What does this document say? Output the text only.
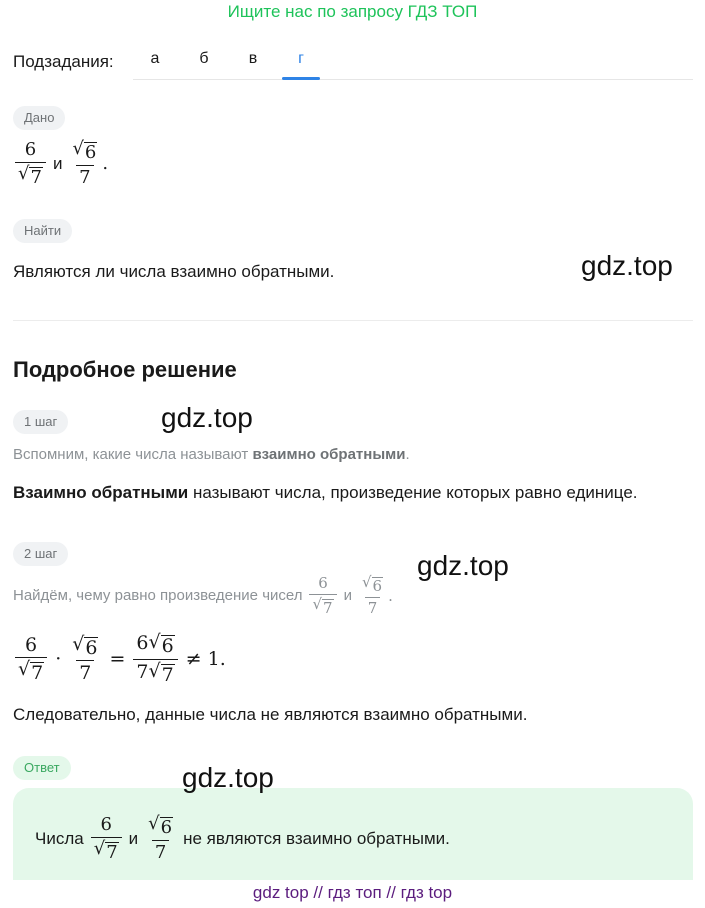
Ищите нас по запросу ГДЗ ТОП
Подзадания:	а	б	в	г
Дано
$\frac{6}{√ 7}$ и $\frac{√ 6}{7}$ .
Найти
Являются ли числа взаимно обратными.
Подробное решение
1 шаг
Вспомним, какие числа называют взаимно обратными.
Взаимно обратными называют числа, произведение которых равно единице.
2 шаг
Найдём, чему равно произведение чисел $\frac{6}{√ 7}$ и $\frac{√ 6}{7}$ .
$\frac{6}{√ 7} \cdot \frac{√ 6}{7} = \frac{6 √ 6}{7 √ 7} \ne 1$.
Следовательно, данные числа не являются взаимно обратными.
Ответ
Числа $\frac{6}{√ 7}$ и $\frac{√ 6}{7}$ не являются взаимно обратными.
gdz.top
gdz.top
gdz.top
gdz.top
gdz top // гдз топ // гдз top
